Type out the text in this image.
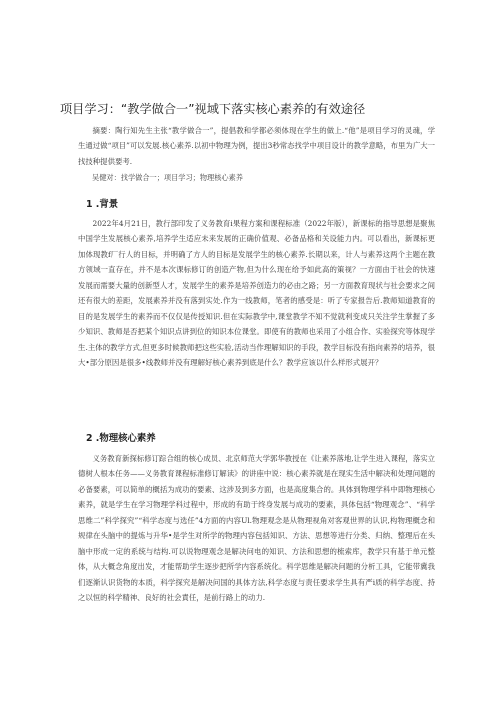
项目学习：“教学做合一”视域下落实核心素养的有效途径
摘要：陶行知先生主张“教学做合一”，提倡教和学都必须体现在学生的做上.“他”是项目学习的灵魂，学生通过做“项目”可以发展.核心素养.以初中物理为例，提出3秒常态找学中项目设计的教学意略，布里为广大一找技种提供要考.
吴健对：找学做合一；项目学习；物理核心素养
1 .背景
2022年4月21日，教行部印发了义务教育i果程方案和课程标准（2022年版），新课标的指导思想是聚焦中国学生发展核心素养,培养学生适应未来发展的正确价值观、必备品格和关设能力内。可以看出，新课标更加体现教f厂行人的目标，并明确了方人的目标是发展学生的核心素养.长期以来，计人与素养这两个主题在教方领域一直存在，并不是本次课标修订的创造产物,但为什么现在给予如此高的策视？一方面由于社会的快速发展而需要大量的创新型人才，发展学生的素养是培养创造力的必由之路；另一方面教育现状与社会要求之间还有很大的差距，发展素养并没有落到实处.作为一线教师，笔者的感受是：听了专家报告后.教师知道教育的目的是发展学生的素养而不仅仅是传授知识.但在实际教学中,课堂教学不知不觉就利变成只关注学生掌握了多少知识、教师是否把某个知识点讲到位的知识本位课堂。即使有的教师也采用了小组合作、实验探究等体现学生.主体的教学方式,但更多时候教师把这些实验,活动当作理解知识的手段，教学目标没有指向素养的培养，很大•部分原因是很多•线教师并没有理解好核心素养到底是什么？教学应该以什么样形式展开？
2 .物理核心素养
义务教育新探标修订踪合组的核心成员、北京师范大学郭华教授在《让素养落地,让学生进入课程，落实立德树人根本任务——义务教育课程标准修订解读》的讲座中说：核心素养就是在现实生活中解决和处理问题的必备要素，可以简单的概括为成功的要素、这涉及到多方面，也是高度集合的。具体到物理学科中即物理核心素养，就是学生在学习物理学科过程中，形成的有助于终身发展与成功的要素，具体包括“物理观念”、“科学思维二”科学探究”“科学态度与选任”4方面的内容Ul.物理观念是从物理视角对客观世界的认识,构物理概念和规律在头脑中的提炼与升华•是学生对所学的物理内容包括知识、方法、思想等进行分类、归纳、整理后在头脑中形成一定的系统与结构.可以说物理观念是解决问电的知识、方法和思想的梳索库，教学只有基于单元整体，从大概念角度出发，才能帮助学生逐步把所学内容系统化。科学思维是解决问题的分析工具，它能带冀我们逐渐认识货物的本质，科学探究是解决问国的具体方法,科学态度与责任要求学生具有严i质的科学态度、持之以恒的科学精神、良好的社会責任，是前行路上的动力.
